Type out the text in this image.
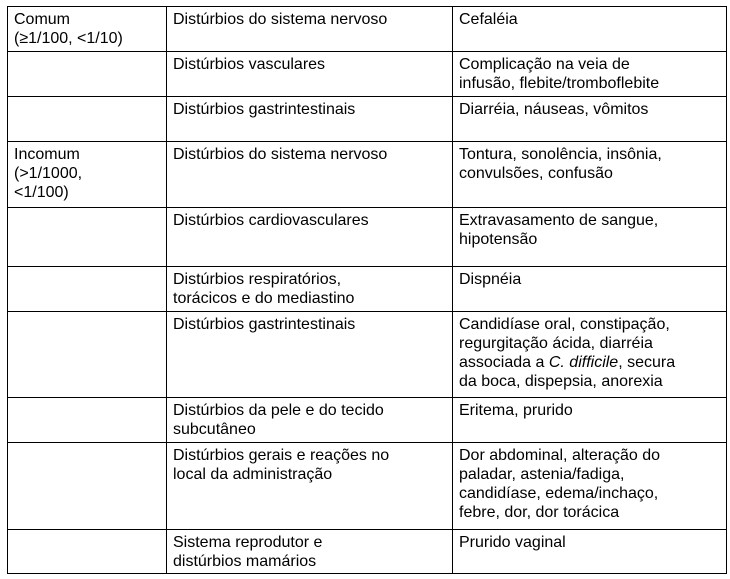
Comum
(≥1/100, <1/10)	Distúrbios do sistema nervoso	Cefaléia

	Distúrbios vasculares	Complicação na veia de
infusão, flebite/tromboflebite

	Distúrbios gastrintestinais	Diarréia, náuseas, vômitos

Incomum
(>1/1000,
<1/100)	Distúrbios do sistema nervoso	Tontura, sonolência, insônia,
convulsões, confusão

	Distúrbios cardiovasculares	Extravasamento de sangue,
hipotensão

	Distúrbios respiratórios,
torácicos e do mediastino	Dispnéia

	Distúrbios gastrintestinais	Candidíase oral, constipação,
regurgitação ácida, diarréia
associada a C. difficile, secura
da boca, dispepsia, anorexia

	Distúrbios da pele e do tecido
subcutâneo	Eritema, prurido

	Distúrbios gerais e reações no
local da administração	Dor abdominal, alteração do
paladar, astenia/fadiga,
candidíase, edema/inchaço,
febre, dor, dor torácica

	Sistema reprodutor e
distúrbios mamários	Prurido vaginal
